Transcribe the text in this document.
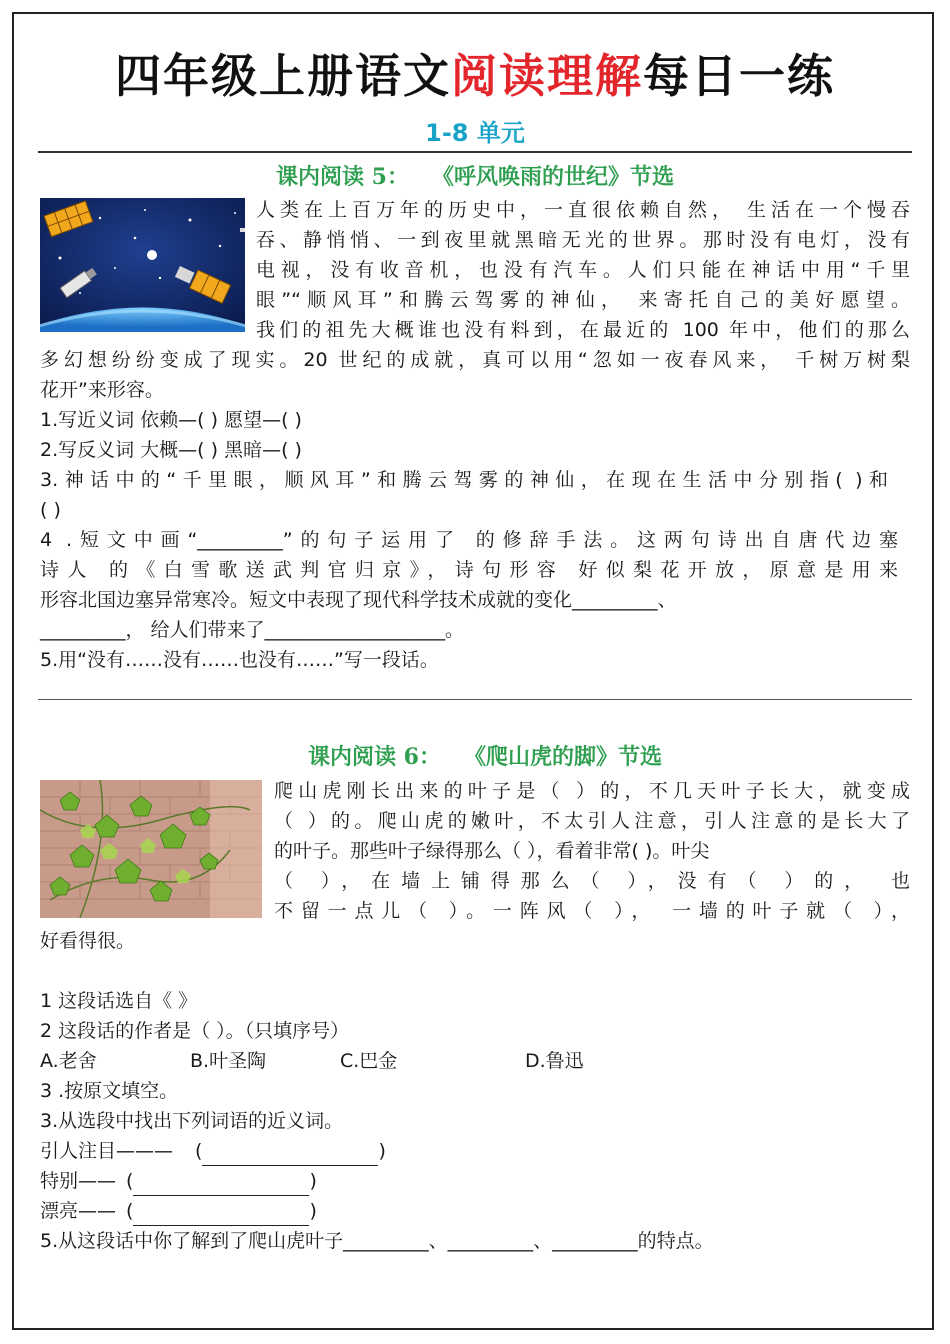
四年级上册语文阅读理解每日一练
1-8 单元
课内阅读 5：   《呼风唤雨的世纪》节选
人类在上百万年的历史中，一直很依赖自然， 生活在一个慢吞
吞、静悄悄、一到夜里就黑暗无光的世界。那时没有电灯，没有
电视，没有收音机，也没有汽车。人们只能在神话中用“千里
眼”“顺风耳”和腾云驾雾的神仙， 来寄托自己的美好愿望。
我们的祖先大概谁也没有料到，在最近的 100 年中，他们的那么
多幻想纷纷变成了现实。20 世纪的成就，真可以用“忽如一夜春风来， 千树万树梨
花开”来形容。
1.写近义词 依赖—( ) 愿望—( )
2.写反义词 大概—( ) 黑暗—( )
3.神话中的“千里眼，顺风耳”和腾云驾雾的神仙，在现在生活中分别指( )和
( )
4 .短文中画“_________”的句子运用了 的修辞手法。这两句诗出自唐代边塞
诗人 的《白雪歌送武判官归京》，诗句形容 好似梨花开放，原意是用来
形容北国边塞异常寒冷。短文中表现了现代科学技术成就的变化_________、
_________， 给人们带来了___________________。
5.用“没有……没有……也没有……”写一段话。
课内阅读 6：   《爬山虎的脚》节选
爬山虎刚长出来的叶子是（ ）的，不几天叶子长大，就变成
（ ）的。爬山虎的嫩叶，不太引人注意，引人注意的是长大了
的叶子。那些叶子绿得那么（ ），看着非常( )。叶尖
（ ），在墙上铺得那么（ ），没有（ ）的， 也
不留一点儿（ ）。一阵风（ ）， 一墙的叶子就（ ），
好看得很。
1 这段话选自《 》
2 这段话的作者是（ ）。（只填序号）
A.老舍	B.叶圣陶	C.巴金	D.鲁迅
3 .按原文填空。
3.从选段中找出下列词语的近义词。
引人注目——— (	)
特别—— (	)
漂亮—— (	)
5.从这段话中你了解到了爬山虎叶子_________、_________、_________的特点。
